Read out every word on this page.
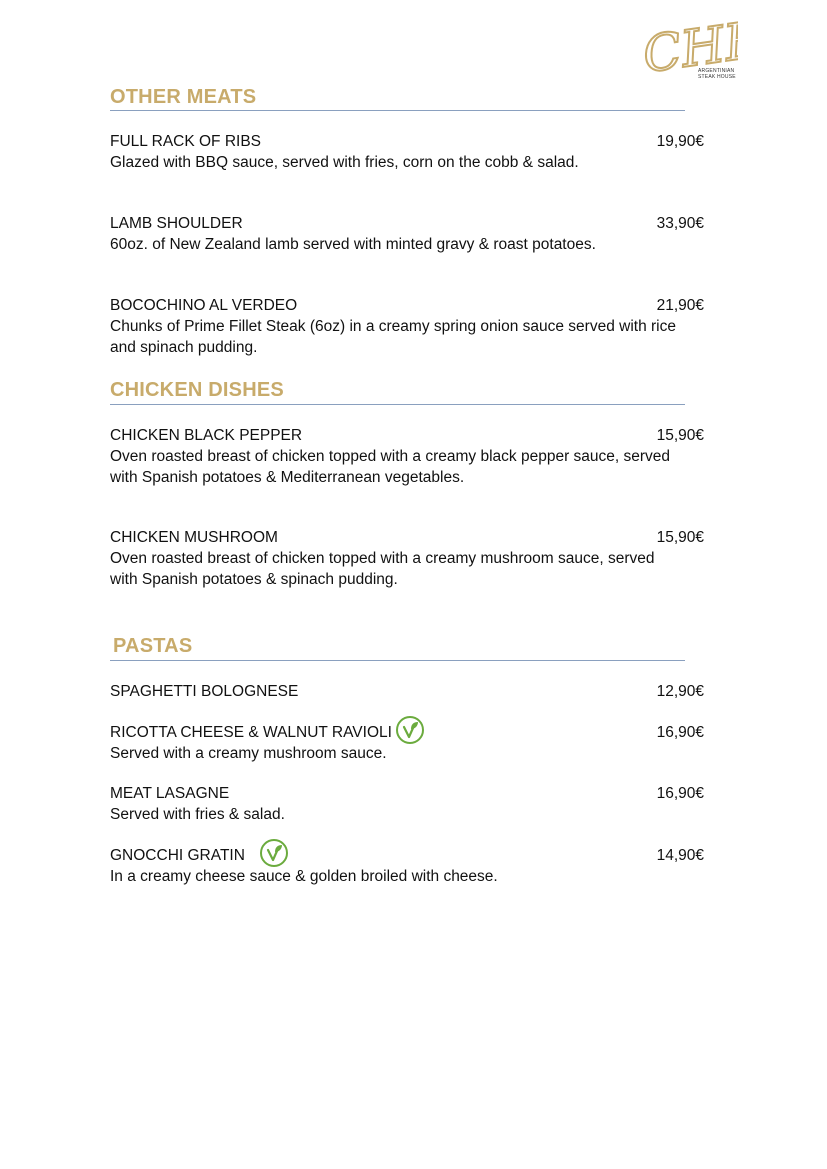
CHE!!
ARGENTINIAN
STEAK HOUSE
OTHER MEATS
FULL RACK OF RIBS	19,90€
Glazed with BBQ sauce, served with fries, corn on the cobb & salad.
LAMB SHOULDER	33,90€
60oz. of New Zealand lamb served with minted gravy & roast potatoes.
BOCOCHINO AL VERDEO	21,90€
Chunks of Prime Fillet Steak (6oz) in a creamy spring onion sauce served with rice
and spinach pudding.
CHICKEN DISHES
CHICKEN BLACK PEPPER	15,90€
Oven roasted breast of chicken topped with a creamy black pepper sauce, served
with Spanish potatoes & Mediterranean vegetables.
CHICKEN MUSHROOM	15,90€
Oven roasted breast of chicken topped with a creamy mushroom sauce, served
with Spanish potatoes & spinach pudding.
PASTAS
SPAGHETTI BOLOGNESE	12,90€
RICOTTA CHEESE & WALNUT RAVIOLI	16,90€
Served with a creamy mushroom sauce.
MEAT LASAGNE	16,90€
Served with fries & salad.
GNOCCHI GRATIN	14,90€
In a creamy cheese sauce & golden broiled with cheese.
